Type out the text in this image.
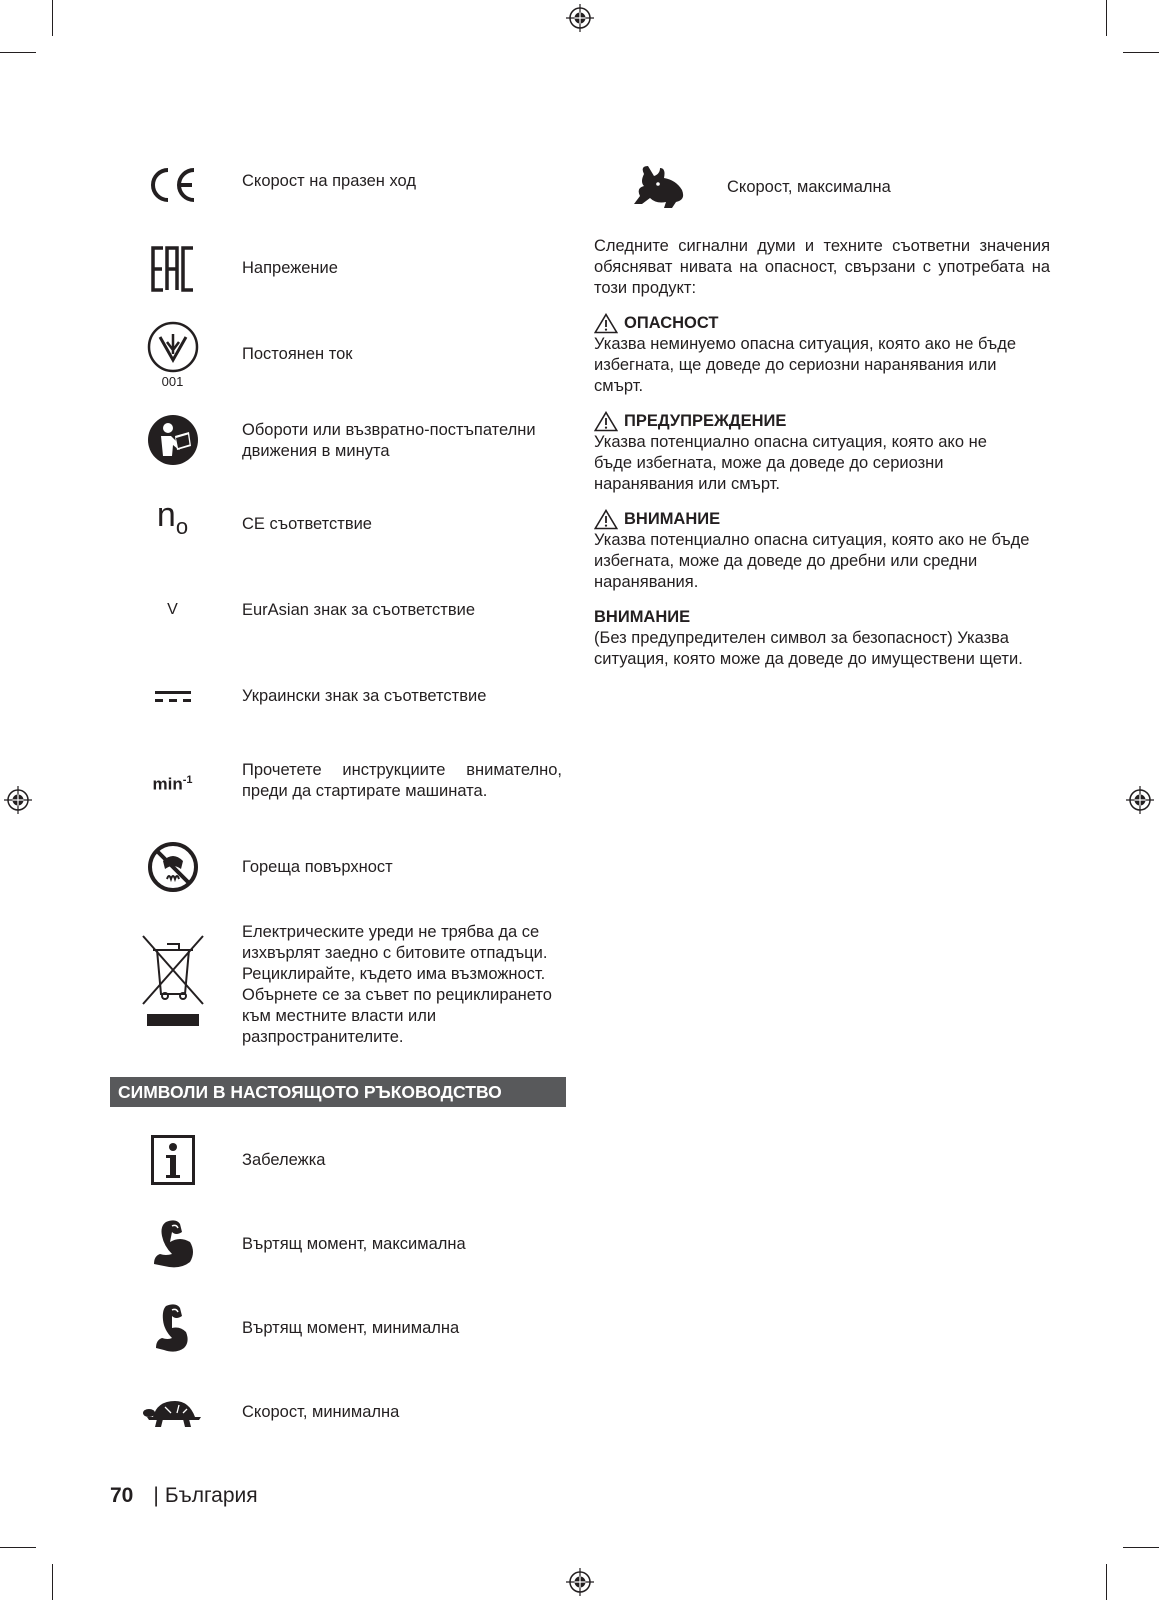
Скорост на празен ход
Напрежение
001
Постоянен ток
Обороти или възвратно-постъпателни движения в минута
$n_o$	CE съответствие
V	EurAsian знак за съответствие
Украински знак за съответствие
$\min^{-1}$
Прочетете инструкциите внимателно, преди да стартирате машината.
Гореща повърхност
Електрическите уреди не трябва да се изхвърлят заедно с битовите отпадъци. Рециклирайте, където има възможност. Обърнете се за съвет по рециклирането към местните власти или разпространителите.
СИМВОЛИ В НАСТОЯЩОТО РЪКОВОДСТВО
Забележка
Въртящ момент, максимална
Въртящ момент, минимална
Скорост, минимална
Скорост, максимална
Следните сигнални думи и техните съответни значения обясняват нивата на опасност, свързани с употребата на този продукт:
ОПАСНОСТ
Указва неминуемо опасна ситуация, която ако не бъде избегната, ще доведе до сериозни наранявания или смърт.
ПРЕДУПРЕЖДЕНИЕ
Указва потенциално опасна ситуация, която ако не бъде избегната, може да доведе до сериозни наранявания или смърт.
ВНИМАНИЕ
Указва потенциално опасна ситуация, която ако не бъде избегната, може да доведе до дребни или средни наранявания.
ВНИМАНИЕ
(Без предупредителен символ за безопасност) Указва ситуация, която може да доведе до имуществени щети.
70 | България
